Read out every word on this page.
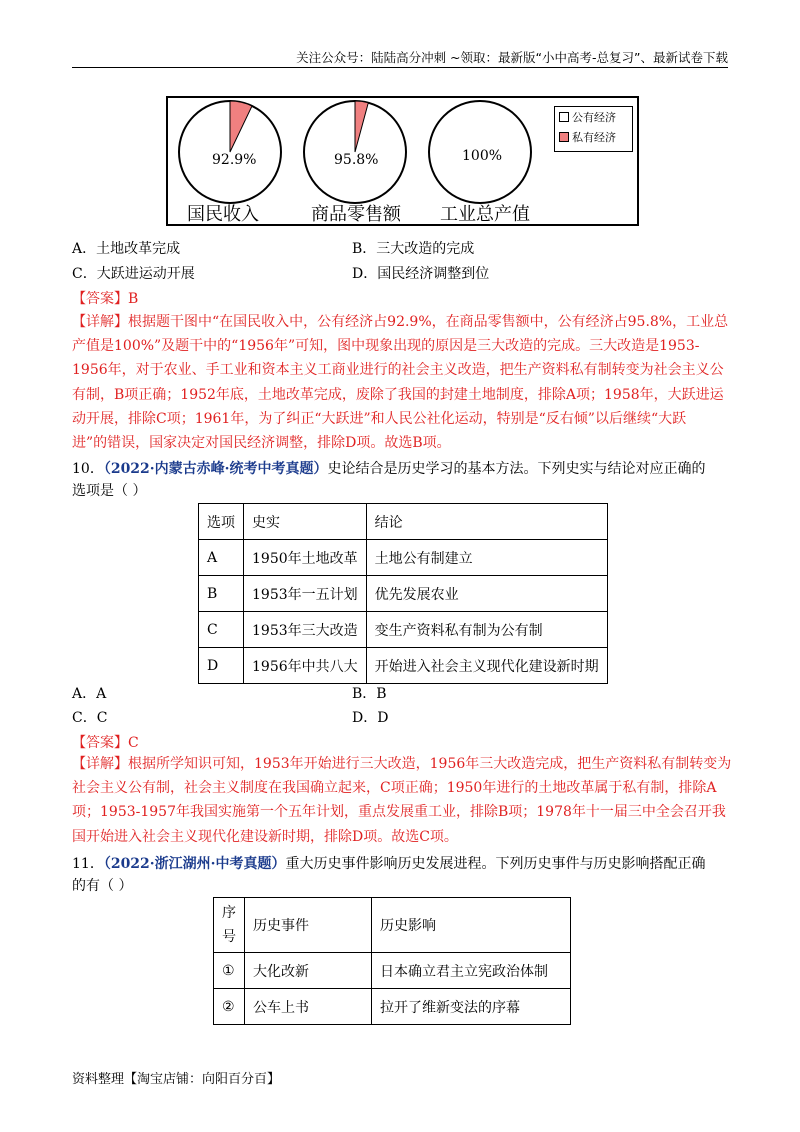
关注公众号：陆陆高分冲刺 ~领取：最新版“小中高考-总复习”、最新试卷下载
92.9%	95.8%	100%
国民收入	商品零售额 工业总产值
公有经济
私有经济
A．土地改革完成	B．三大改造的完成
C．大跃进运动开展	D．国民经济调整到位
【答案】B
【详解】根据题干图中“在国民收入中，公有经济占92.9%，在商品零售额中，公有经济占95.8%，工业总
产值是100%”及题干中的“1956年”可知，图中现象出现的原因是三大改造的完成。三大改造是1953-
1956年，对于农业、手工业和资本主义工商业进行的社会主义改造，把生产资料私有制转变为社会主义公
有制，B项正确；1952年底，土地改革完成，废除了我国的封建土地制度，排除A项；1958年，大跃进运
动开展，排除C项；1961年，为了纠正“大跃进”和人民公社化运动，特别是“反右倾”以后继续“大跃
进”的错误，国家决定对国民经济调整，排除D项。故选B项。
10．（2022·内蒙古赤峰·统考中考真题）史论结合是历史学习的基本方法。下列史实与结论对应正确的
选项是（ ）
选项	史实	结论
A	1950年土地改革	土地公有制建立
B	1953年一五计划	优先发展农业
C	1953年三大改造	变生产资料私有制为公有制
D	1956年中共八大	开始进入社会主义现代化建设新时期
A．A	B．B
C．C	D．D
【答案】C
【详解】根据所学知识可知，1953年开始进行三大改造，1956年三大改造完成，把生产资料私有制转变为
社会主义公有制，社会主义制度在我国确立起来，C项正确；1950年进行的土地改革属于私有制，排除A
项；1953-1957年我国实施第一个五年计划，重点发展重工业，排除B项；1978年十一届三中全会召开我
国开始进入社会主义现代化建设新时期，排除D项。故选C项。
11．（2022·浙江湖州·中考真题）重大历史事件影响历史发展进程。下列历史事件与历史影响搭配正确
的有（ ）
序号	历史事件	历史影响
①	大化改新	日本确立君主立宪政治体制
②	公车上书	拉开了维新变法的序幕
资料整理【淘宝店铺：向阳百分百】
